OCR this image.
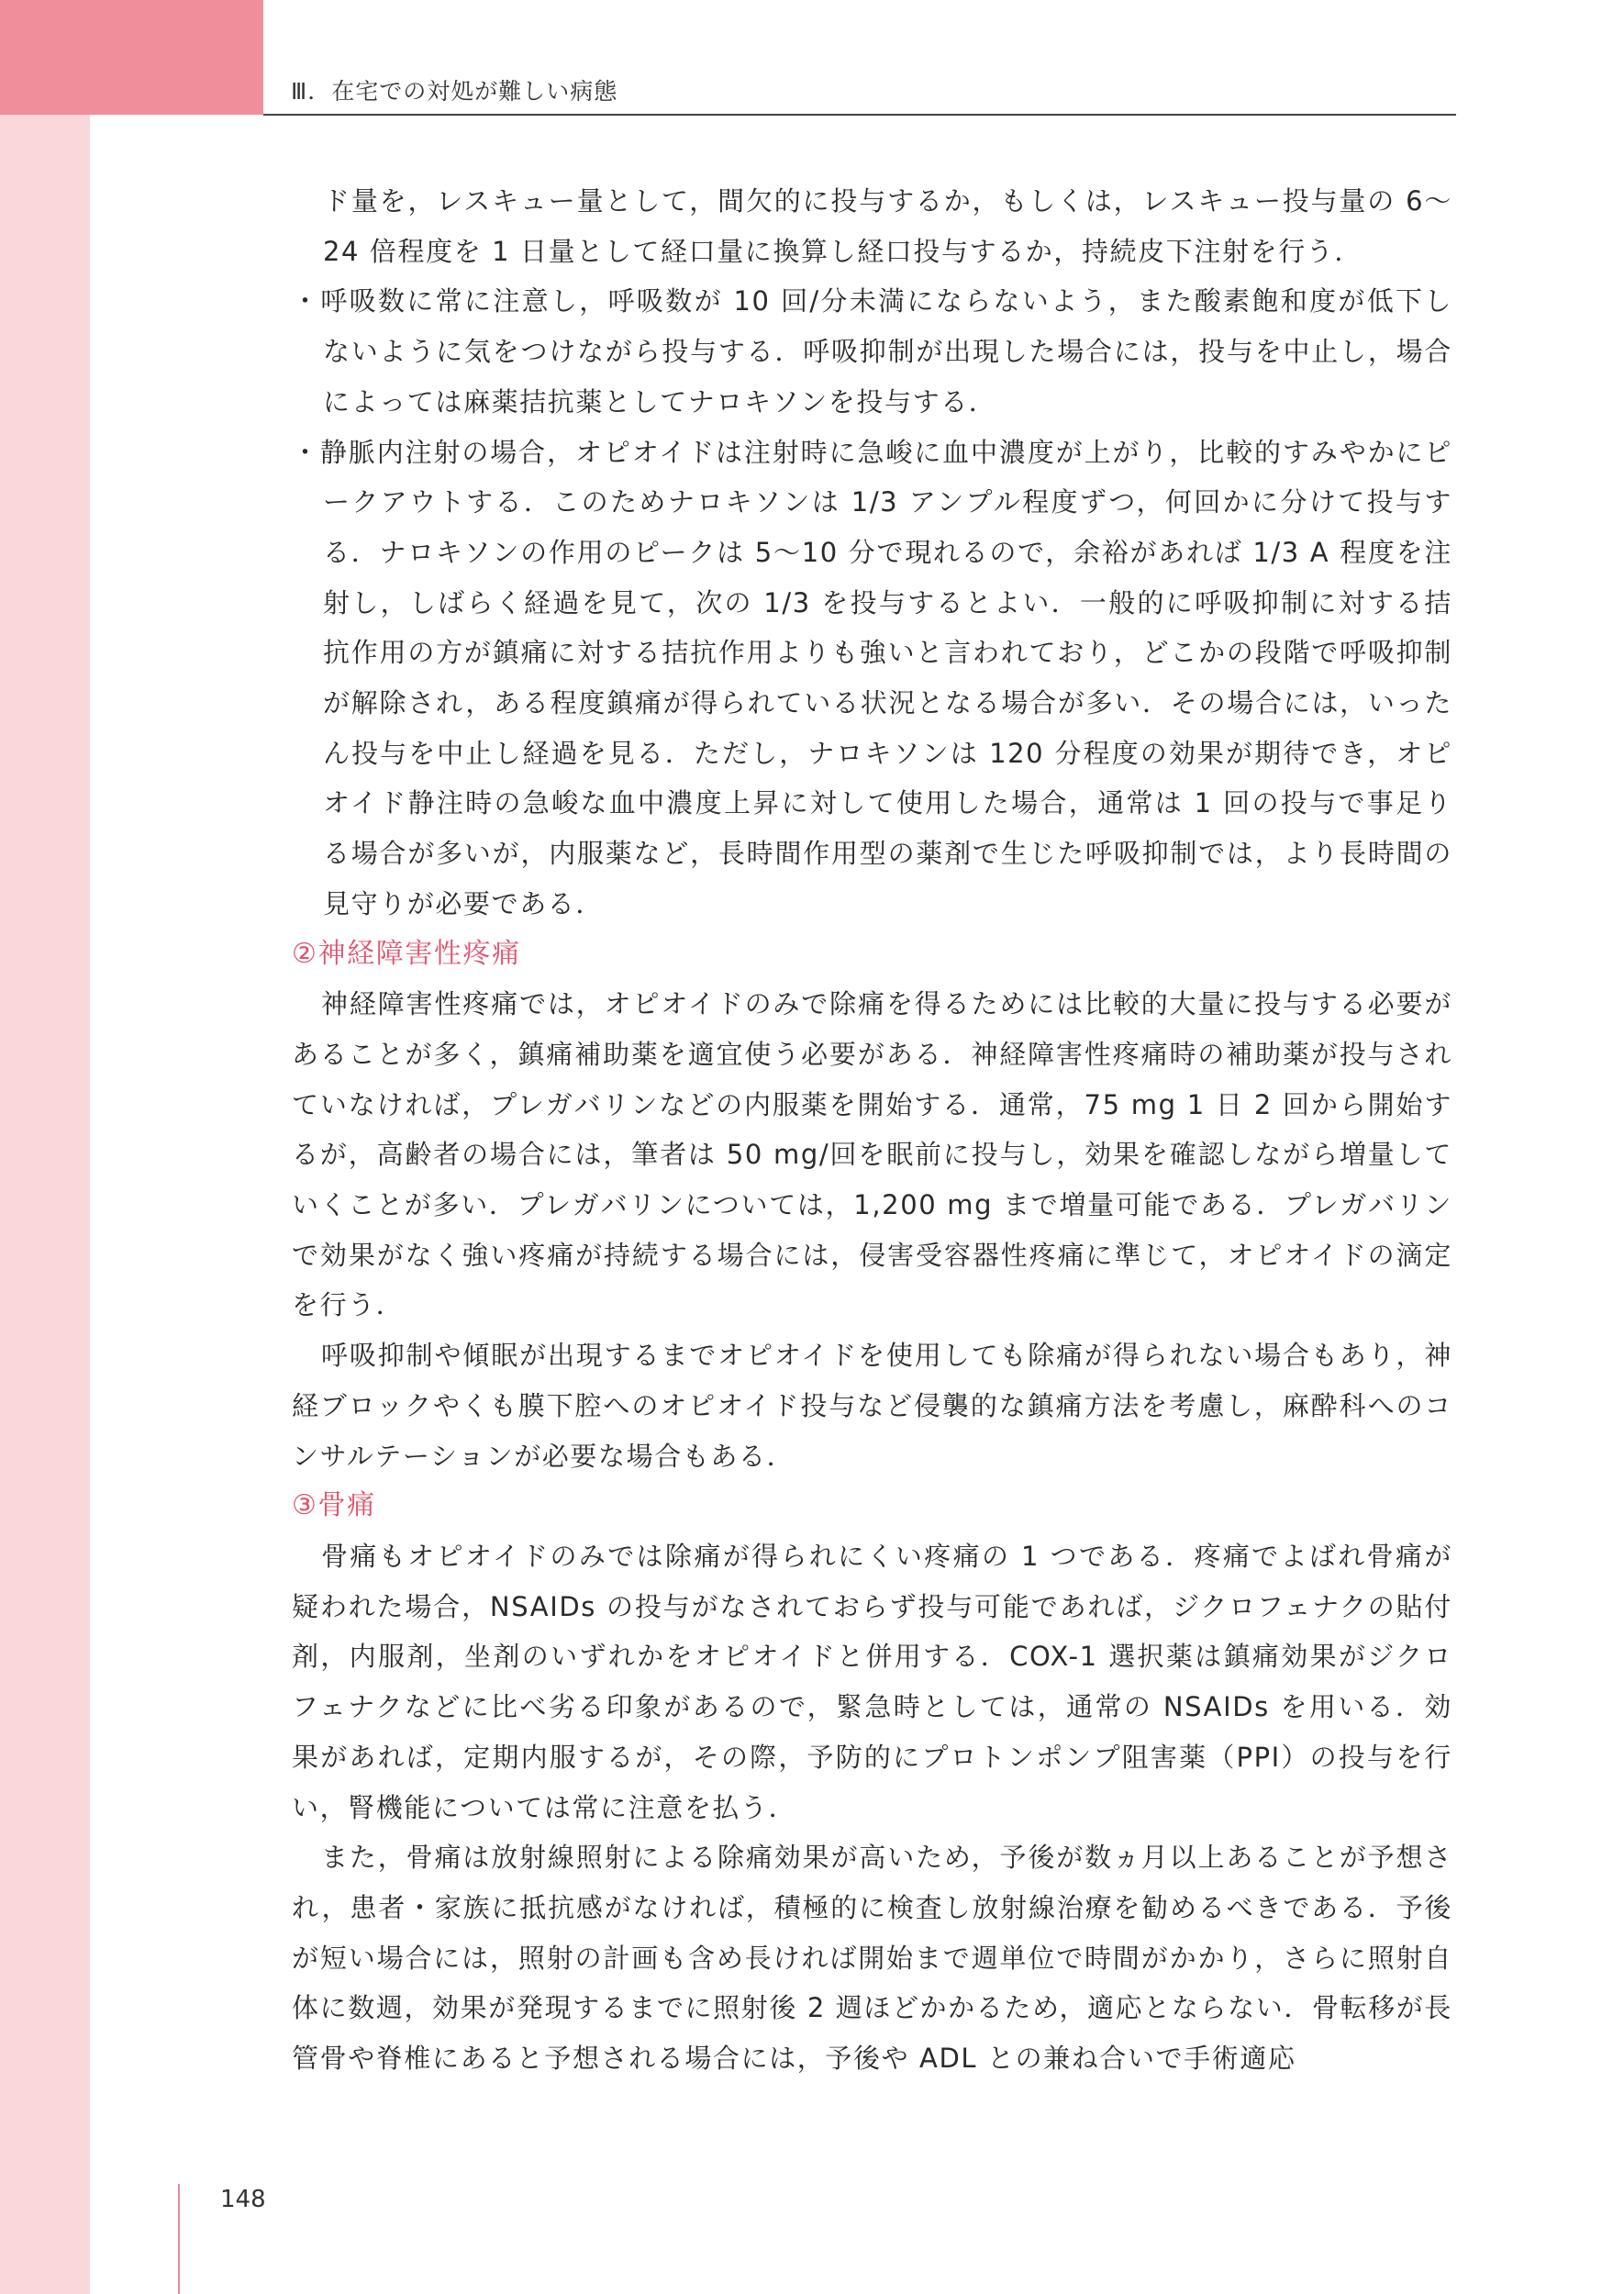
Ⅲ．在宅での対処が難しい病態

ド量を，レスキュー量として，間欠的に投与するか，もしくは，レスキュー投与量の 6〜24 倍程度を 1 日量として経口量に換算し経口投与するか，持続皮下注射を行う．

・呼吸数に常に注意し，呼吸数が 10 回/分未満にならないよう，また酸素飽和度が低下しないように気をつけながら投与する．呼吸抑制が出現した場合には，投与を中止し，場合によっては麻薬拮抗薬としてナロキソンを投与する．

・静脈内注射の場合，オピオイドは注射時に急峻に血中濃度が上がり，比較的すみやかにピークアウトする．このためナロキソンは 1/3 アンプル程度ずつ，何回かに分けて投与する．ナロキソンの作用のピークは 5〜10 分で現れるので，余裕があれば 1/3 A 程度を注射し，しばらく経過を見て，次の 1/3 を投与するとよい．一般的に呼吸抑制に対する拮抗作用の方が鎮痛に対する拮抗作用よりも強いと言われており，どこかの段階で呼吸抑制が解除され，ある程度鎮痛が得られている状況となる場合が多い．その場合には，いったん投与を中止し経過を見る．ただし，ナロキソンは 120 分程度の効果が期待でき，オピオイド静注時の急峻な血中濃度上昇に対して使用した場合，通常は 1 回の投与で事足りる場合が多いが，内服薬など，長時間作用型の薬剤で生じた呼吸抑制では，より長時間の見守りが必要である．

②神経障害性疼痛

神経障害性疼痛では，オピオイドのみで除痛を得るためには比較的大量に投与する必要があることが多く，鎮痛補助薬を適宜使う必要がある．神経障害性疼痛時の補助薬が投与されていなければ，プレガバリンなどの内服薬を開始する．通常，75 mg 1 日 2 回から開始するが，高齢者の場合には，筆者は 50 mg/回を眠前に投与し，効果を確認しながら増量していくことが多い．プレガバリンについては，1,200 mg まで増量可能である．プレガバリンで効果がなく強い疼痛が持続する場合には，侵害受容器性疼痛に準じて，オピオイドの滴定を行う．

呼吸抑制や傾眠が出現するまでオピオイドを使用しても除痛が得られない場合もあり，神経ブロックやくも膜下腔へのオピオイド投与など侵襲的な鎮痛方法を考慮し，麻酔科へのコンサルテーションが必要な場合もある．

③骨痛

骨痛もオピオイドのみでは除痛が得られにくい疼痛の 1 つである．疼痛でよばれ骨痛が疑われた場合，NSAIDs の投与がなされておらず投与可能であれば，ジクロフェナクの貼付剤，内服剤，坐剤のいずれかをオピオイドと併用する．COX-1 選択薬は鎮痛効果がジクロフェナクなどに比べ劣る印象があるので，緊急時としては，通常の NSAIDs を用いる．効果があれば，定期内服するが，その際，予防的にプロトンポンプ阻害薬（PPI）の投与を行い，腎機能については常に注意を払う．

また，骨痛は放射線照射による除痛効果が高いため，予後が数ヵ月以上あることが予想され，患者・家族に抵抗感がなければ，積極的に検査し放射線治療を勧めるべきである．予後が短い場合には，照射の計画も含め長ければ開始まで週単位で時間がかかり，さらに照射自体に数週，効果が発現するまでに照射後 2 週ほどかかるため，適応とならない．骨転移が長管骨や脊椎にあると予想される場合には，予後や ADL との兼ね合いで手術適応

148
